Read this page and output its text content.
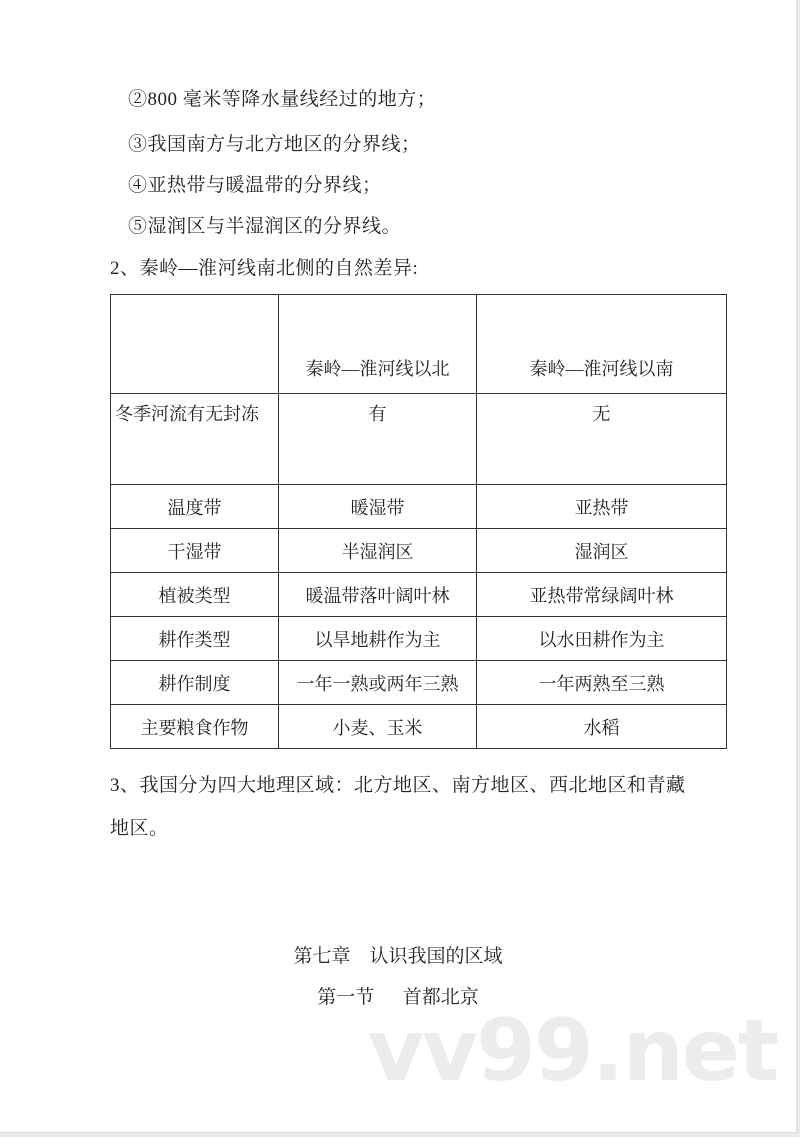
②800 毫米等降水量线经过的地方；
③我国南方与北方地区的分界线；
④亚热带与暖温带的分界线；
⑤湿润区与半湿润区的分界线。
2、秦岭—淮河线南北侧的自然差异:
	秦岭—淮河线以北	秦岭—淮河线以南
冬季河流有无封冻	有	无
温度带	暖湿带	亚热带
干湿带	半湿润区	湿润区
植被类型	暖温带落叶阔叶林	亚热带常绿阔叶林
耕作类型	以旱地耕作为主	以水田耕作为主
耕作制度	一年一熟或两年三熟	一年两熟至三熟
主要粮食作物	小麦、玉米	水稻
3、我国分为四大地理区域：北方地区、南方地区、西北地区和青藏
地区。
第七章    认识我国的区域
第一节      首都北京
vv99.net
